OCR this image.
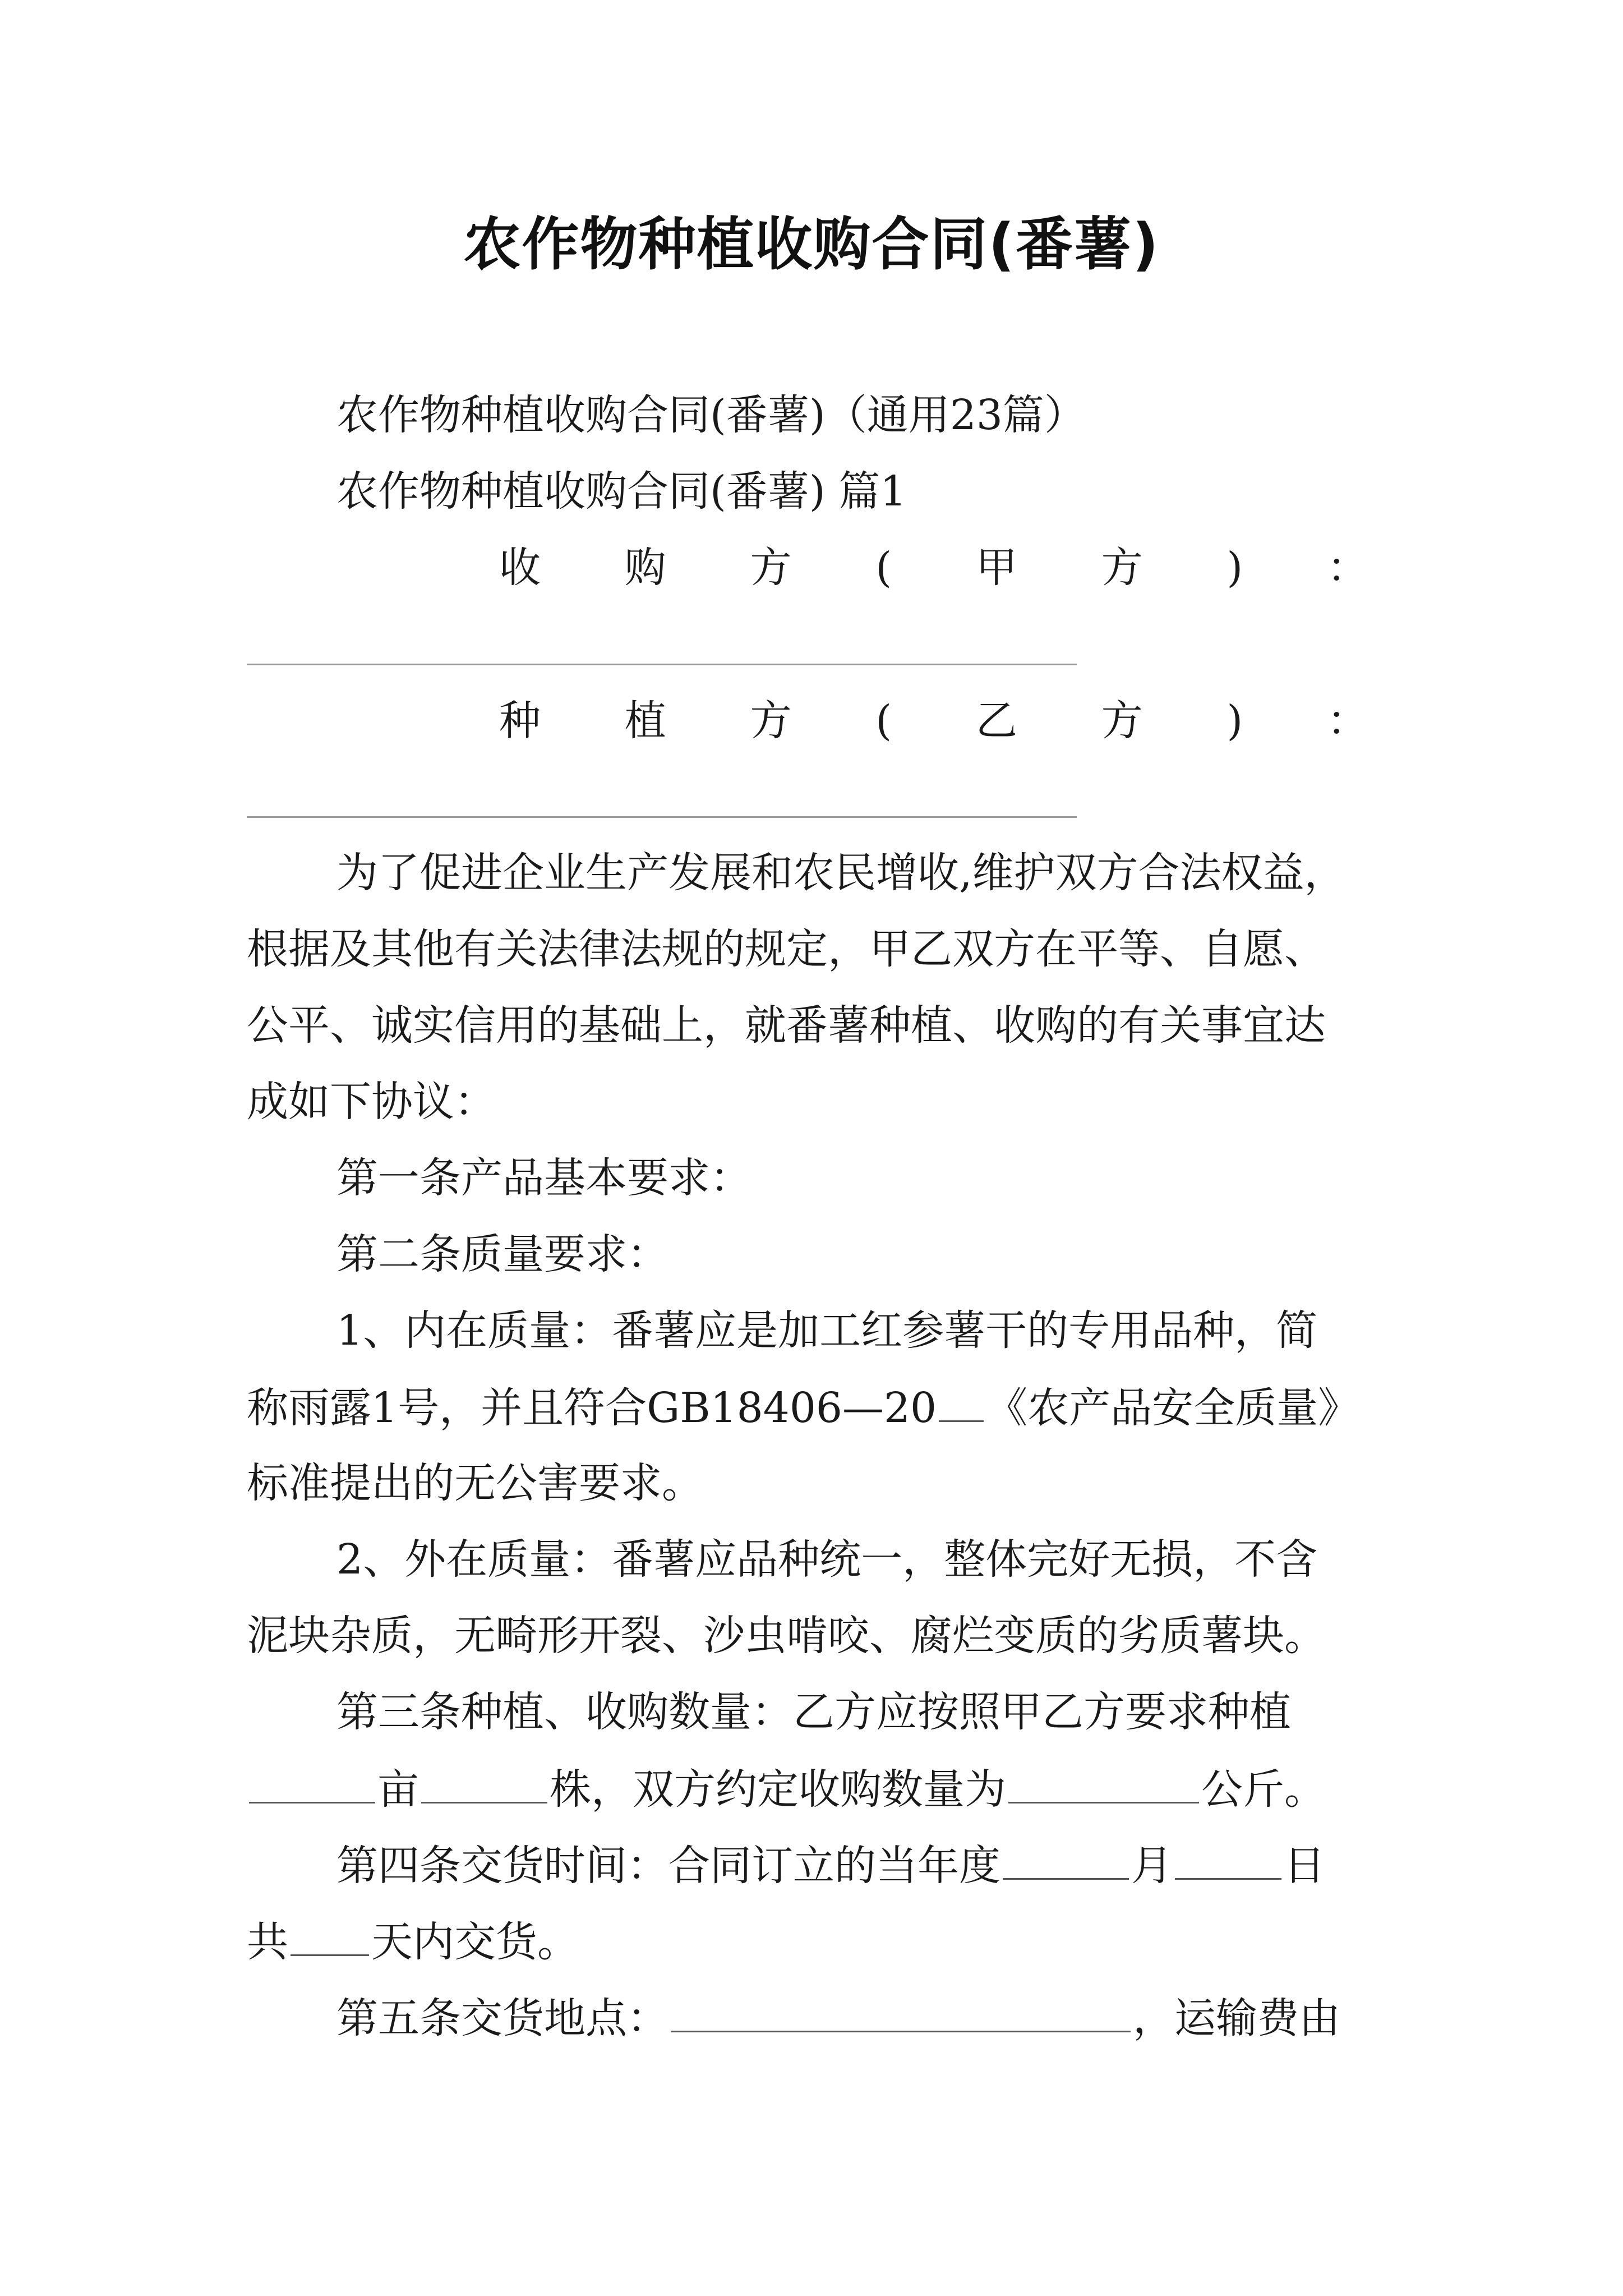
农作物种植收购合同(番薯)
农作物种植收购合同(番薯)（通用23篇）
农作物种植收购合同(番薯) 篇1
收 购 方 ( 甲 方 ) ：
种 植 方 ( 乙 方 ) ：
为了促进企业生产发展和农民增收,维护双方合法权益，
根据及其他有关法律法规的规定，甲乙双方在平等、自愿、
公平、诚实信用的基础上，就番薯种植、收购的有关事宜达
成如下协议：
第一条产品基本要求：
第二条质量要求：
1、内在质量：番薯应是加工红参薯干的专用品种，简
称雨露1号，并且符合GB18406—20 《农产品安全质量》
标准提出的无公害要求。
2、外在质量：番薯应品种统一，整体完好无损，不含
泥块杂质，无畸形开裂、沙虫啃咬、腐烂变质的劣质薯块。
第三条种植、收购数量：乙方应按照甲乙方要求种植
亩	株，双方约定收购数量为	公斤。
第四条交货时间：合同订立的当年度	月	日
共 天内交货。
第五条交货地点：	，运输费由
